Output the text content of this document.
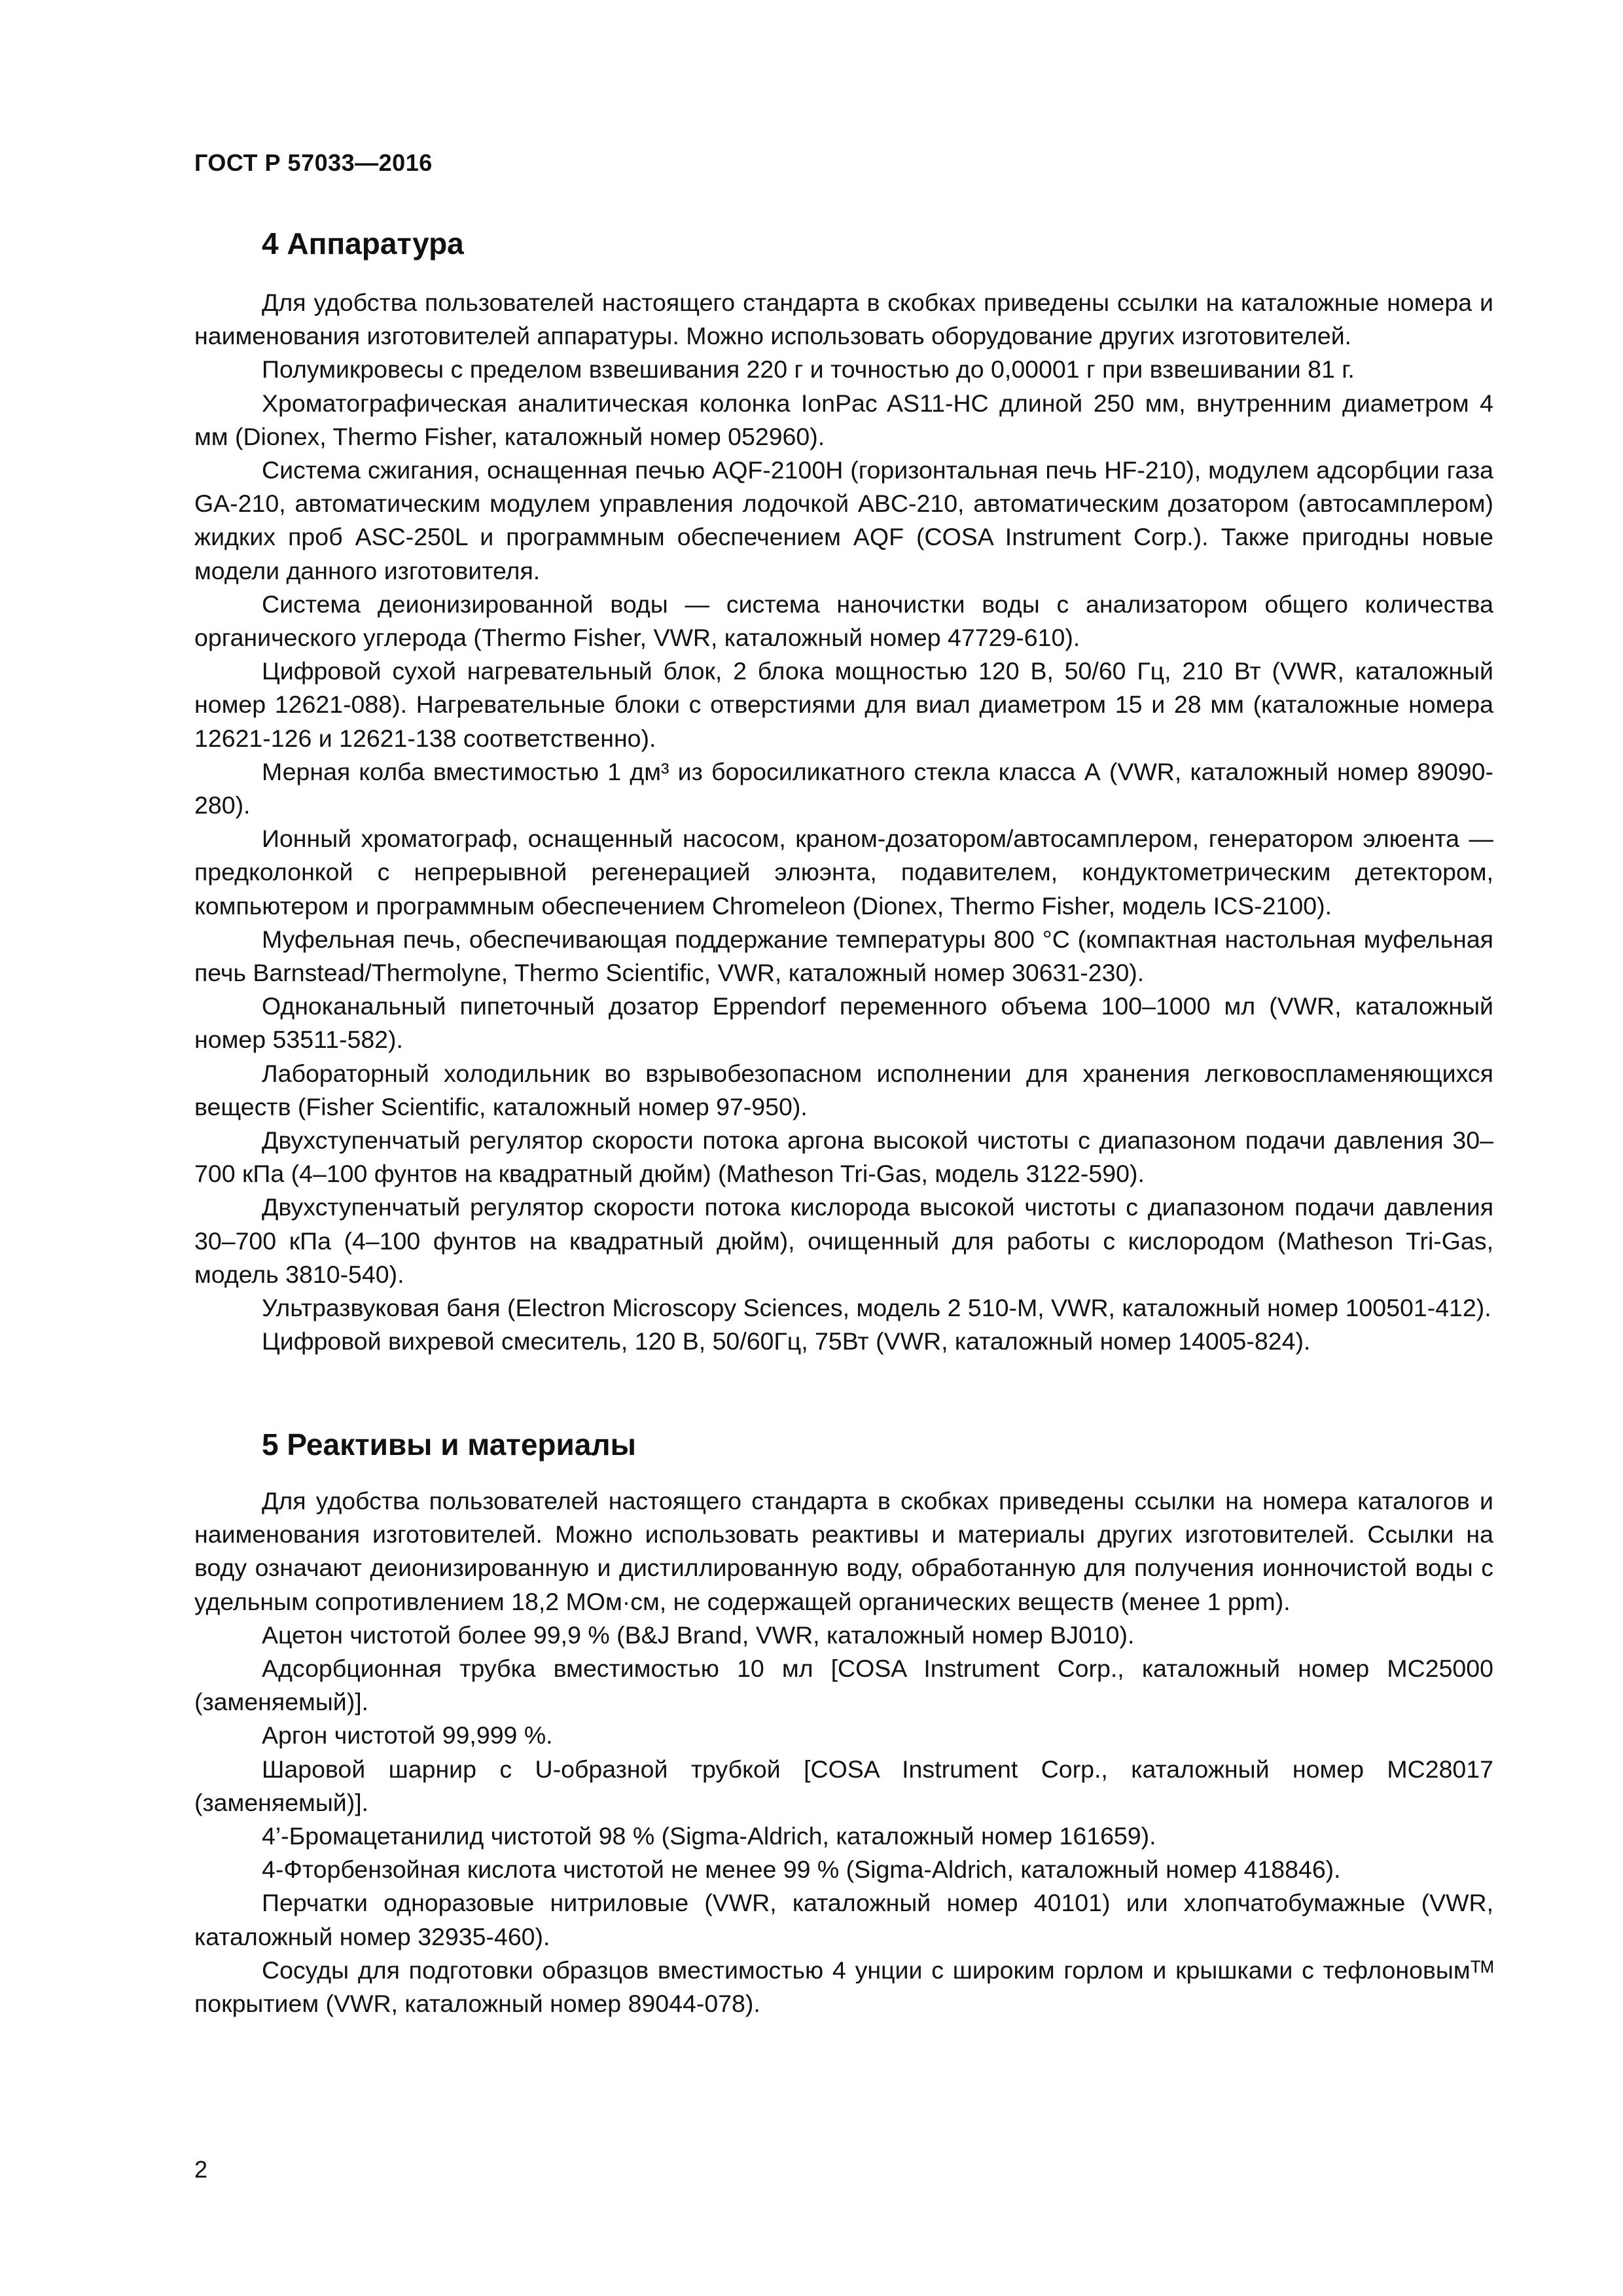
ГОСТ Р 57033—2016
4 Аппаратура

Для удобства пользователей настоящего стандарта в скобках приведены ссылки на каталожные номера и наименования изготовителей аппаратуры. Можно использовать оборудование других изготовителей.

Полумикровесы с пределом взвешивания 220 г и точностью до 0,00001 г при взвешивании 81 г.

Хроматографическая аналитическая колонка IonPac AS11-HC длиной 250 мм, внутренним диаметром 4 мм (Dionex, Thermo Fisher, каталожный номер 052960).

Система сжигания, оснащенная печью AQF-2100H (горизонтальная печь HF-210), модулем адсорбции газа GA-210, автоматическим модулем управления лодочкой ABC-210, автоматическим дозатором (автосамплером) жидких проб ASC-250L и программным обеспечением AQF (COSA Instrument Corp.). Также пригодны новые модели данного изготовителя.

Система деионизированной воды — система наночистки воды с анализатором общего количества органического углерода (Thermo Fisher, VWR, каталожный номер 47729-610).

Цифровой сухой нагревательный блок, 2 блока мощностью 120 В, 50/60 Гц, 210 Вт (VWR, каталожный номер 12621-088). Нагревательные блоки с отверстиями для виал диаметром 15 и 28 мм (каталожные номера 12621-126 и 12621-138 соответственно).

Мерная колба вместимостью 1 дм³ из боросиликатного стекла класса А (VWR, каталожный номер 89090-280).

Ионный хроматограф, оснащенный насосом, краном-дозатором/автосамплером, генератором элюента — предколонкой с непрерывной регенерацией элюэнта, подавителем, кондуктометрическим детектором, компьютером и программным обеспечением Chromeleon (Dionex, Thermo Fisher, модель ICS-2100).

Муфельная печь, обеспечивающая поддержание температуры 800 °С (компактная настольная муфельная печь Barnstead/Thermolyne, Thermo Scientific, VWR, каталожный номер 30631-230).

Одноканальный пипеточный дозатор Eppendorf переменного объема 100–1000 мл (VWR, каталожный номер 53511-582).

Лабораторный холодильник во взрывобезопасном исполнении для хранения легковоспламеняющихся веществ (Fisher Scientific, каталожный номер 97-950).

Двухступенчатый регулятор скорости потока аргона высокой чистоты с диапазоном подачи давления 30–700 кПа (4–100 фунтов на квадратный дюйм) (Matheson Tri-Gas, модель 3122-590).

Двухступенчатый регулятор скорости потока кислорода высокой чистоты с диапазоном подачи давления 30–700 кПа (4–100 фунтов на квадратный дюйм), очищенный для работы с кислородом (Matheson Tri-Gas, модель 3810-540).

Ультразвуковая баня (Electron Microscopy Sciences, модель 2 510-M, VWR, каталожный номер 100501-412).

Цифровой вихревой смеситель, 120 В, 50/60Гц, 75Вт (VWR, каталожный номер 14005-824).

5 Реактивы и материалы

Для удобства пользователей настоящего стандарта в скобках приведены ссылки на номера каталогов и наименования изготовителей. Можно использовать реактивы и материалы других изготовителей. Ссылки на воду означают деионизированную и дистиллированную воду, обработанную для получения ионночистой воды с удельным сопротивлением 18,2 МОм·см, не содержащей органических веществ (менее 1 ppm).

Ацетон чистотой более 99,9 % (B&J Brand, VWR, каталожный номер BJ010).

Адсорбционная трубка вместимостью 10 мл [COSA Instrument Corp., каталожный номер MC25000 (заменяемый)].

Аргон чистотой 99,999 %.

Шаровой шарнир с U-образной трубкой [COSA Instrument Corp., каталожный номер MC28017 (заменяемый)].

4’-Бромацетанилид чистотой 98 % (Sigma-Aldrich, каталожный номер 161659).

4-Фторбензойная кислота чистотой не менее 99 % (Sigma-Aldrich, каталожный номер 418846).

Перчатки одноразовые нитриловые (VWR, каталожный номер 40101) или хлопчатобумажные (VWR, каталожный номер 32935-460).

Сосуды для подготовки образцов вместимостью 4 унции с широким горлом и крышками с тефлоновымᵀᴹ покрытием (VWR, каталожный номер 89044-078).

2
